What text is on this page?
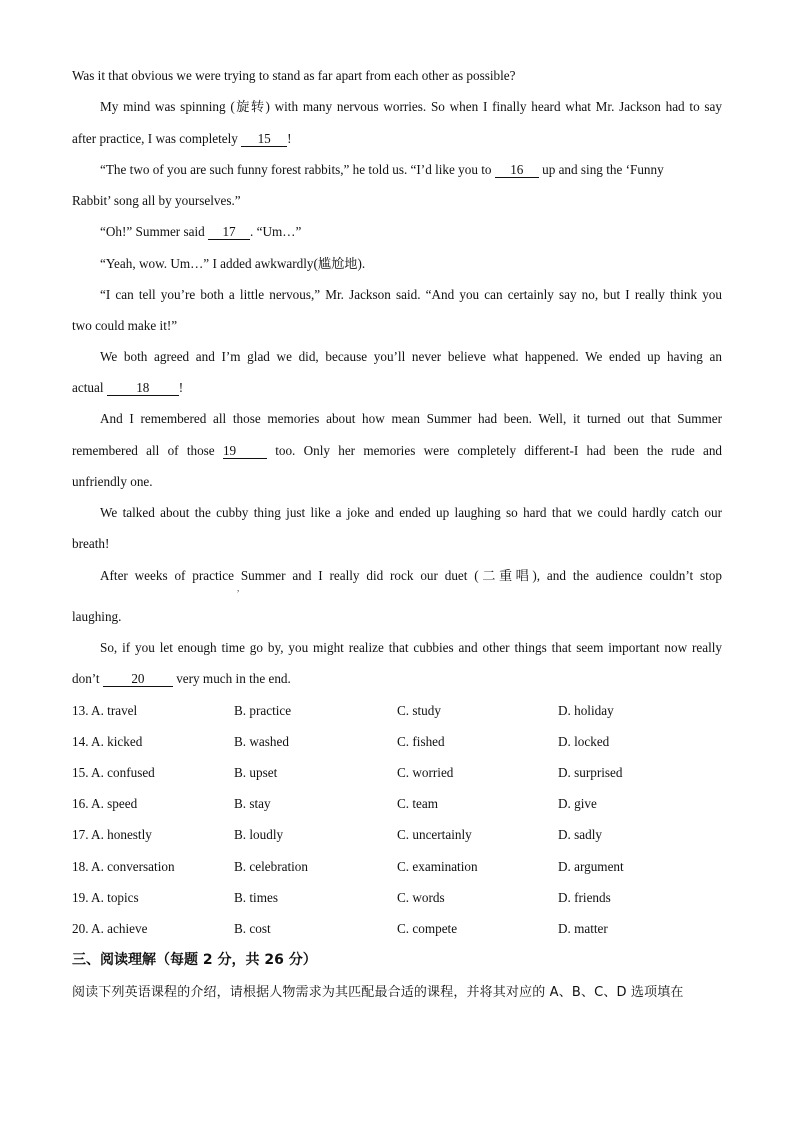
Was it that obvious we were trying to stand as far apart from each other as possible?
My mind was spinning (旋转) with many nervous worries. So when I finally heard what Mr. Jackson had to say
after practice, I was completely 15 !
“The two of you are such funny forest rabbits,” he told us. “I’d like you to 16 up and sing the ‘Funny
Rabbit’ song all by yourselves.”
“Oh!” Summer said 17 . “Um…”
“Yeah, wow. Um…” I added awkwardly(尴尬地).
“I can tell you’re both a little nervous,” Mr. Jackson said. “And you can certainly say no, but I really think you
two could make it!”
We both agreed and I’m glad we did, because you’ll never believe what happened. We ended up having an
actual 18 !
And I remembered all those memories about how mean Summer had been. Well, it turned out that Summer
remembered all of those 19	too. Only her memories were completely different-I had been the rude and
unfriendly one.
We talked about the cubby thing just like a joke and ended up laughing so hard that we could hardly catch our
breath!
After weeks of practice Summer and I really did rock our duet (二重唱), and the audience couldn’t stop
,
laughing.
So, if you let enough time go by, you might realize that cubbies and other things that seem important now really
don’t 20 very much in the end.
13. A. travel	B. practice	C. study	D. holiday
14. A. kicked	B. washed	C. fished	D. locked
15. A. confused	B. upset	C. worried	D. surprised
16. A. speed	B. stay	C. team	D. give
17. A. honestly	B. loudly	C. uncertainly	D. sadly
18. A. conversation	B. celebration	C. examination	D. argument
19. A. topics	B. times	C. words	D. friends
20. A. achieve	B. cost	C. compete	D. matter
三、阅读理解（每题 2 分，共 26 分）
阅读下列英语课程的介绍，请根据人物需求为其匹配最合适的课程，并将其对应的 A、B、C、D 选项填在
